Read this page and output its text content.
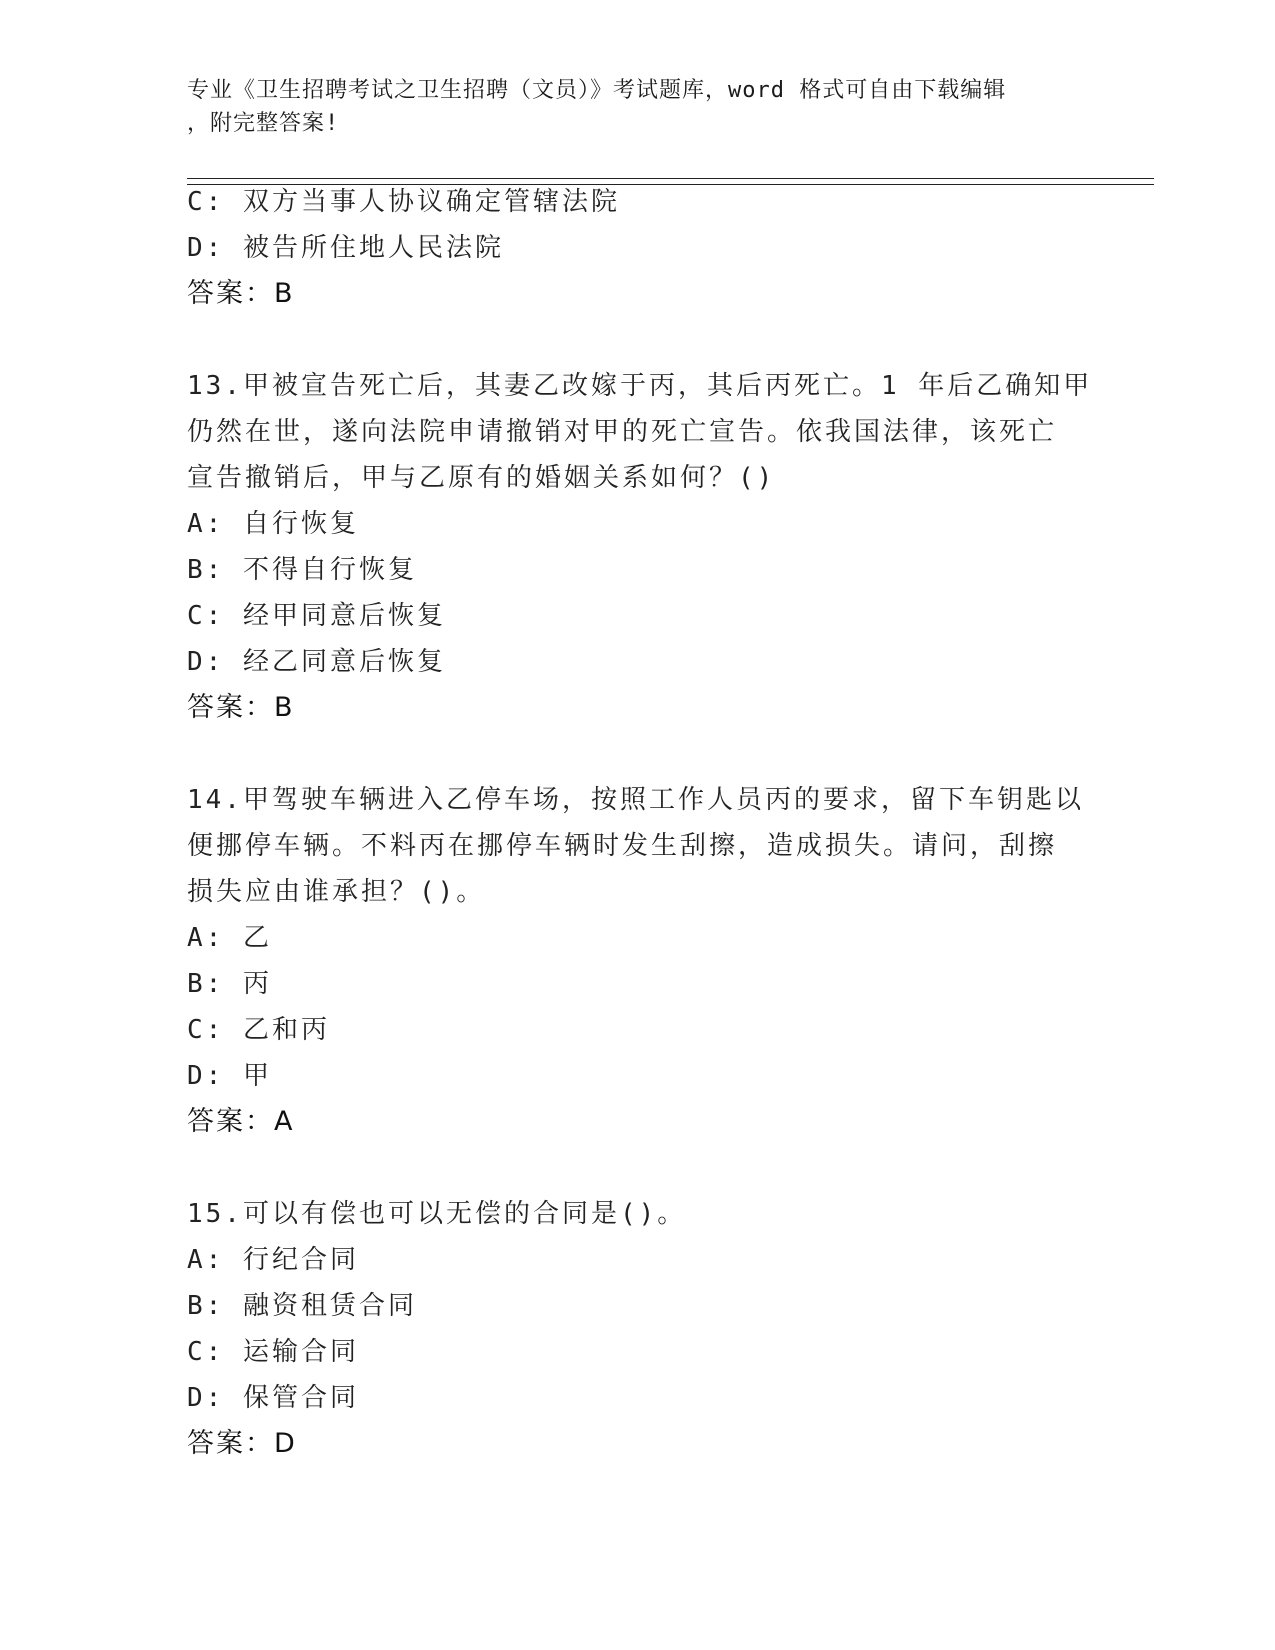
专业《卫生招聘考试之卫生招聘（文员）》考试题库，word 格式可自由下载编辑
，附完整答案!
C: 双方当事人协议确定管辖法院
D: 被告所住地人民法院
答案：B
13.甲被宣告死亡后，其妻乙改嫁于丙，其后丙死亡。1 年后乙确知甲
仍然在世，遂向法院申请撤销对甲的死亡宣告。依我国法律，该死亡
宣告撤销后，甲与乙原有的婚姻关系如何？()
A: 自行恢复
B: 不得自行恢复
C: 经甲同意后恢复
D: 经乙同意后恢复
答案：B
14.甲驾驶车辆进入乙停车场，按照工作人员丙的要求，留下车钥匙以
便挪停车辆。不料丙在挪停车辆时发生刮擦，造成损失。请问，刮擦
损失应由谁承担？()。
A: 乙
B: 丙
C: 乙和丙
D: 甲
答案：A
15.可以有偿也可以无偿的合同是()。
A: 行纪合同
B: 融资租赁合同
C: 运输合同
D: 保管合同
答案：D
